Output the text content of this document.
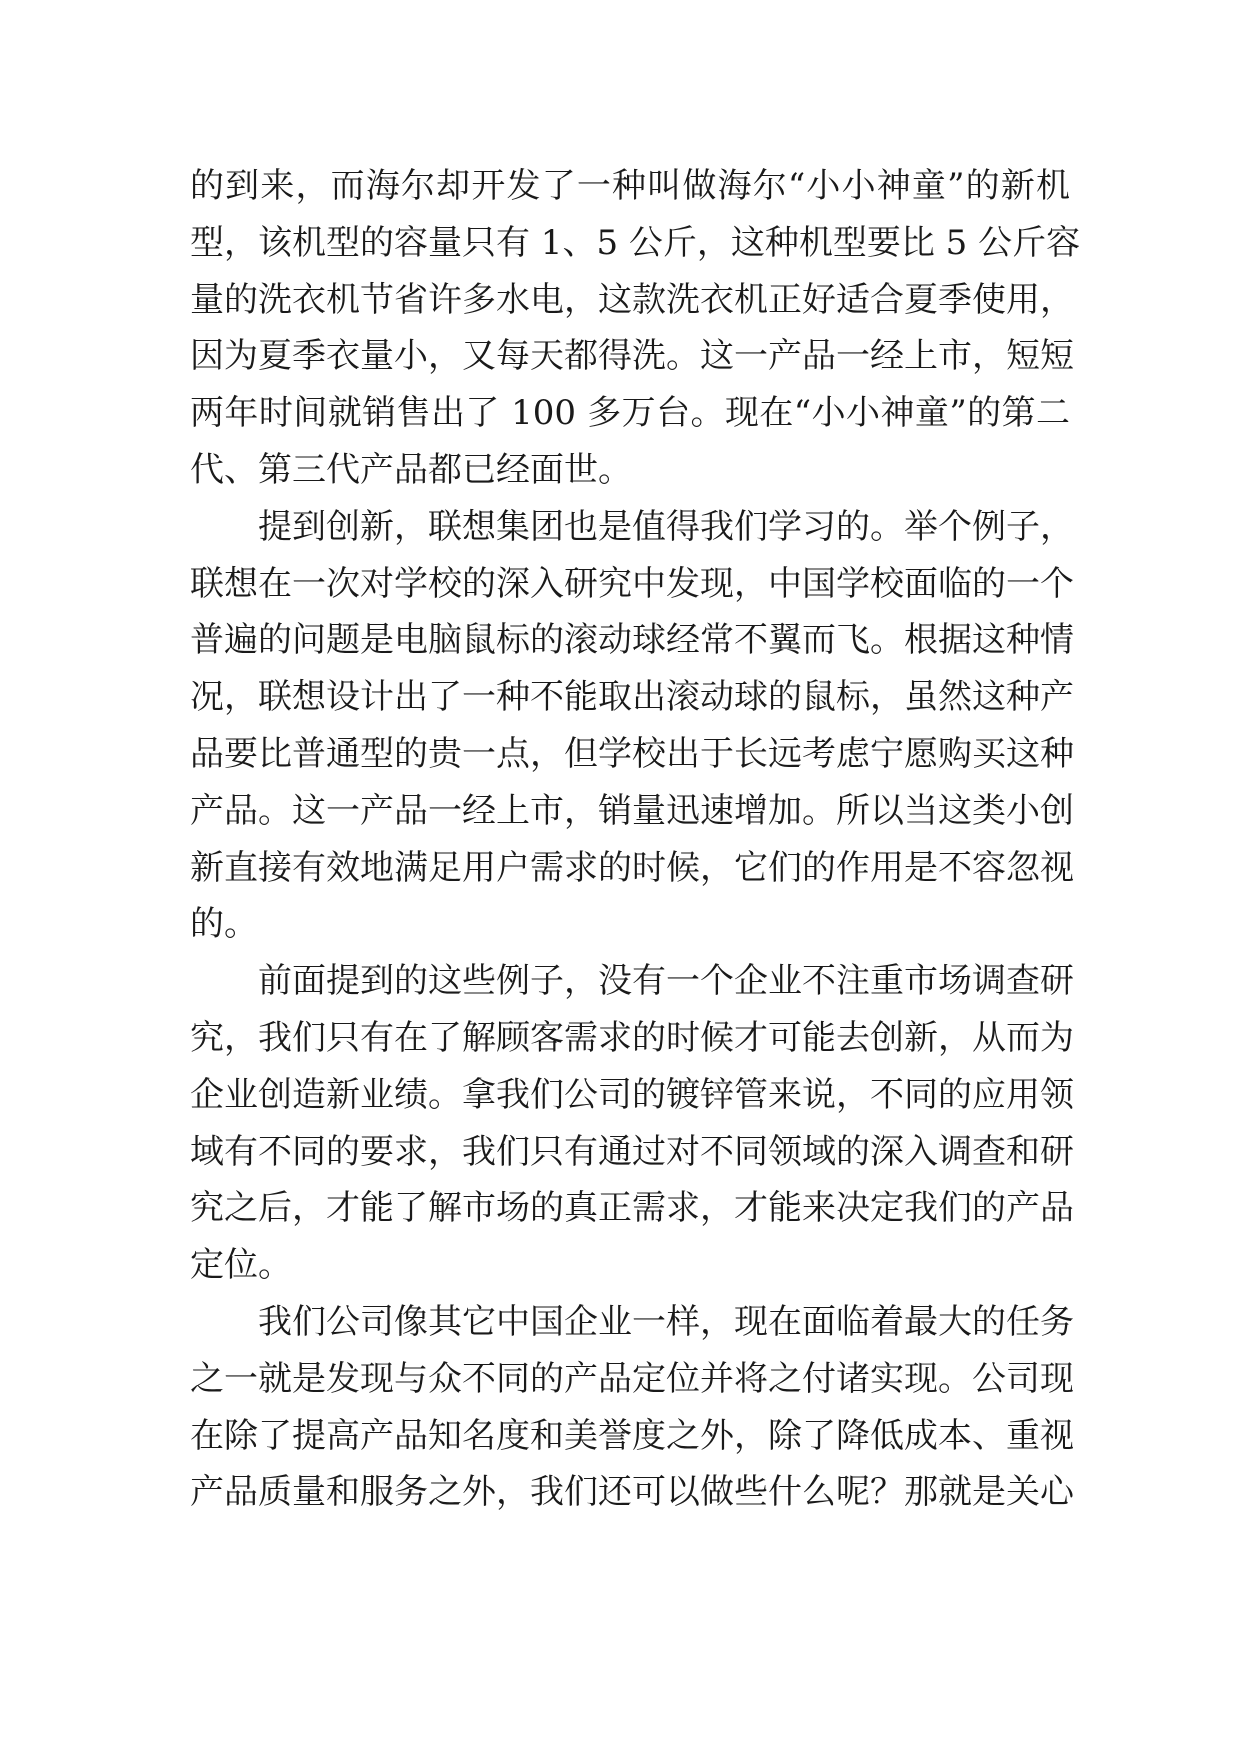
的到来，而海尔却开发了一种叫做海尔“小小神童”的新机
型，该机型的容量只有 1、5 公斤，这种机型要比 5 公斤容
量的洗衣机节省许多水电，这款洗衣机正好适合夏季使用，
因为夏季衣量小，又每天都得洗。这一产品一经上市，短短
两年时间就销售出了 100 多万台。现在“小小神童”的第二
代、第三代产品都已经面世。
　　提到创新，联想集团也是值得我们学习的。举个例子，
联想在一次对学校的深入研究中发现，中国学校面临的一个
普遍的问题是电脑鼠标的滚动球经常不翼而飞。根据这种情
况，联想设计出了一种不能取出滚动球的鼠标，虽然这种产
品要比普通型的贵一点，但学校出于长远考虑宁愿购买这种
产品。这一产品一经上市，销量迅速增加。所以当这类小创
新直接有效地满足用户需求的时候，它们的作用是不容忽视
的。
　　前面提到的这些例子，没有一个企业不注重市场调查研
究，我们只有在了解顾客需求的时候才可能去创新，从而为
企业创造新业绩。拿我们公司的镀锌管来说，不同的应用领
域有不同的要求，我们只有通过对不同领域的深入调查和研
究之后，才能了解市场的真正需求，才能来决定我们的产品
定位。
　　我们公司像其它中国企业一样，现在面临着最大的任务
之一就是发现与众不同的产品定位并将之付诸实现。公司现
在除了提高产品知名度和美誉度之外，除了降低成本、重视
产品质量和服务之外，我们还可以做些什么呢？那就是关心
